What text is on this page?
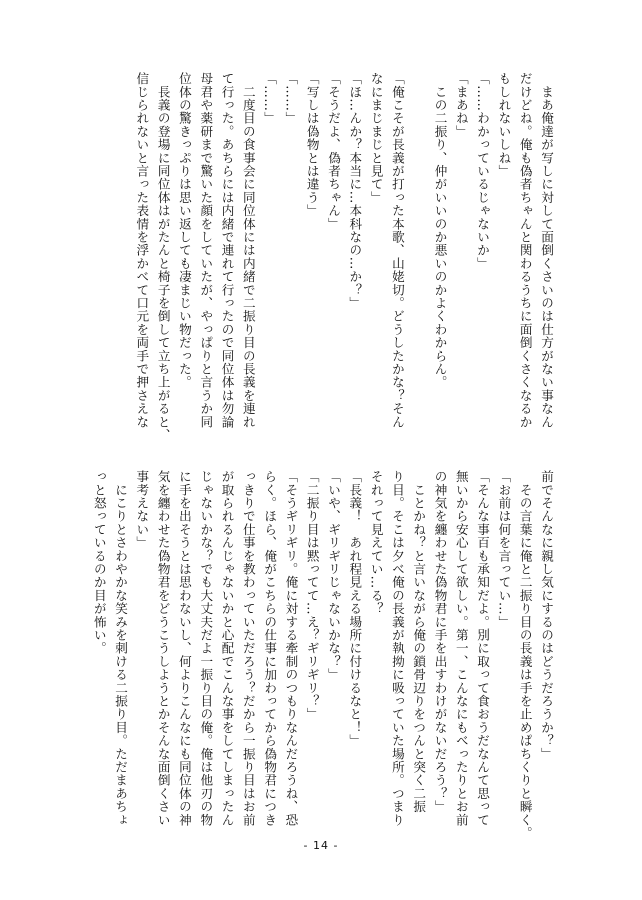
　まあ俺達が写しに対して面倒くさいのは仕方がない事なん
だけどね。俺も偽者ちゃんと関わるうちに面倒くさくなるか
もしれないしね」
「……わかっているじゃないか」
「まあね」
　この二振り、仲がいいのか悪いのかよくわからん。

「俺こそが長義が打った本歌、山姥切。どうしたかな？そん
なにまじまじと見て」
「ほ…んか？本当に…本科なの…か？」
「そうだよ、偽者ちゃん」
「写しは偽物とは違う」
「……」
「……」
　二度目の食事会に同位体には内緒で二振り目の長義を連れ
て行った。あちらには内緒で連れて行ったので同位体は勿論
母君や薬研まで驚いた顔をしていたが、やっぱりと言うか同
位体の驚きっぷりは思い返しても凄まじい物だった。
　長義の登場に同位体はがたんと椅子を倒して立ち上がると、
信じられないと言った表情を浮かべて口元を両手で押さえな
前でそんなに親し気にするのはどうだろうか？」
　その言葉に俺と二振り目の長義は手を止めぱちくりと瞬く。
「お前は何を言ってい…」
「そんな事百も承知だよ。別に取って食おうだなんて思って
無いから安心して欲しい。第一、こんなにもべったりとお前
の神気を纏わせた偽物君に手を出すわけがないだろう？」
　ことかね？と言いながら俺の鎖骨辺りをつんと突く二振
り目。そこは夕べ俺の長義が執拗に吸っていた場所。つまり
それって見えてい…る？
「長義！　あれ程見える場所に付けるなと！」
「いや、ギリギリじゃないかな？」
「二振り目は黙ってて…え？ギリギリ？」
「そうギリギリ。俺に対する牽制のつもりなんだろうね、恐
らく。ほら、俺がこちらの仕事に加わってから偽物君につき
っきりで仕事を教わっていただろう？だから一振り目はお前
が取られるんじゃないかと心配でこんな事をしてしまったん
じゃないかな？でも大丈夫だよ一振り目の俺。俺は他刃の物
に手を出そうとは思わないし、何よりこんなにも同位体の神
気を纏わせた偽物君をどうこうしようとかそんな面倒くさい
事考えない」
　にこりとさわやかな笑みを刺ける二振り目。ただまあちょ
っと怒っているのか目が怖い。
- 14 -
